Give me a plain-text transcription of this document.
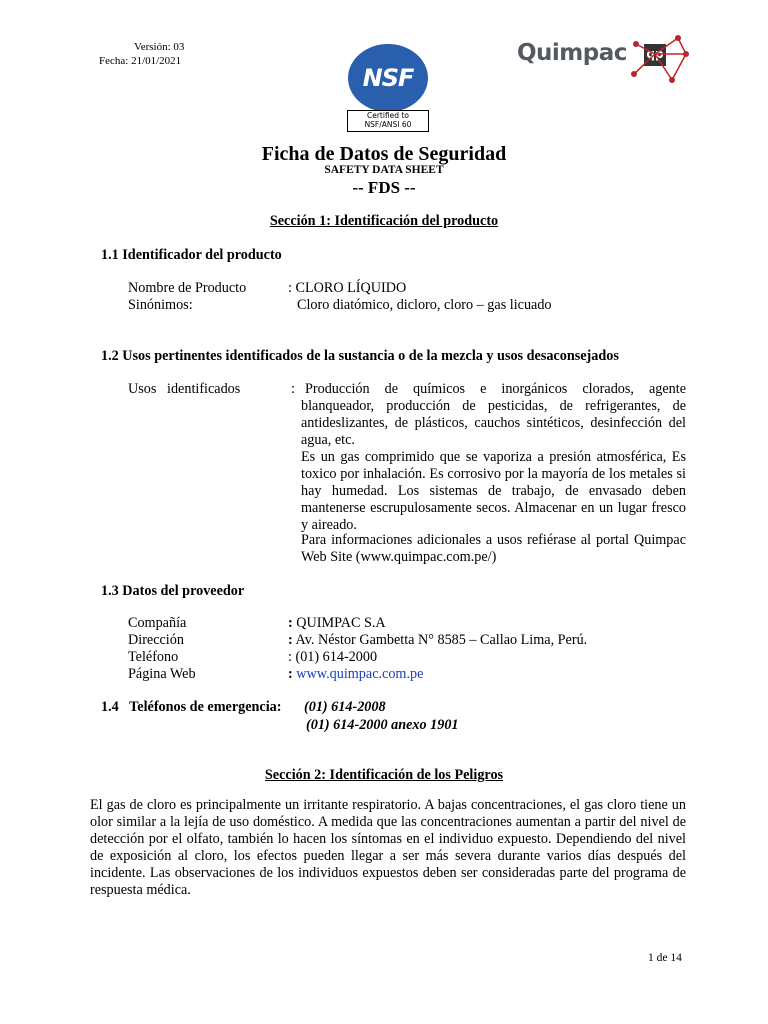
Versión: 03
Fecha: 21/01/2021
NSF
Certified to
NSF/ANSI 60
Quimpac qp
Ficha de Datos de Seguridad
SAFETY DATA SHEET
-- FDS --
Sección 1: Identificación del producto
1.1 Identificador del producto
Nombre de Producto	: CLORO LÍQUIDO
Sinónimos:	Cloro diatómico, dicloro, cloro – gas licuado
1.2 Usos pertinentes identificados de la sustancia o de la mezcla y usos desaconsejados
Usos   identificados	: Producción de químicos e inorgánicos clorados, agente
blanqueador, producción de pesticidas, de refrigerantes, de antideslizantes, de plásticos, cauchos sintéticos, desinfección del agua, etc.
Es un gas comprimido que se vaporiza a presión atmosférica, Es toxico por inhalación. Es corrosivo por la mayoría de los metales si hay humedad. Los sistemas de trabajo, de envasado deben mantenerse escrupulosamente secos. Almacenar en un lugar fresco y aireado.
Para informaciones adicionales a usos refiérase al portal Quimpac Web Site (www.quimpac.com.pe/)
1.3 Datos del proveedor
Compañía	: QUIMPAC S.A
Dirección	: Av. Néstor Gambetta N° 8585 – Callao Lima, Perú.
Teléfono	: (01) 614-2000
Página Web	: www.quimpac.com.pe
1.4   Teléfonos de emergencia: (01) 614-2008
(01) 614-2000 anexo 1901
Sección 2: Identificación de los Peligros
El gas de cloro es principalmente un irritante respiratorio. A bajas concentraciones, el gas cloro tiene un olor similar a la lejía de uso doméstico. A medida que las concentraciones aumentan a partir del nivel de detección por el olfato, también lo hacen los síntomas en el individuo expuesto. Dependiendo del nivel de exposición al cloro, los efectos pueden llegar a ser más severa durante varios días después del incidente. Las observaciones de los individuos expuestos deben ser consideradas parte del programa de respuesta médica.
1 de 14
